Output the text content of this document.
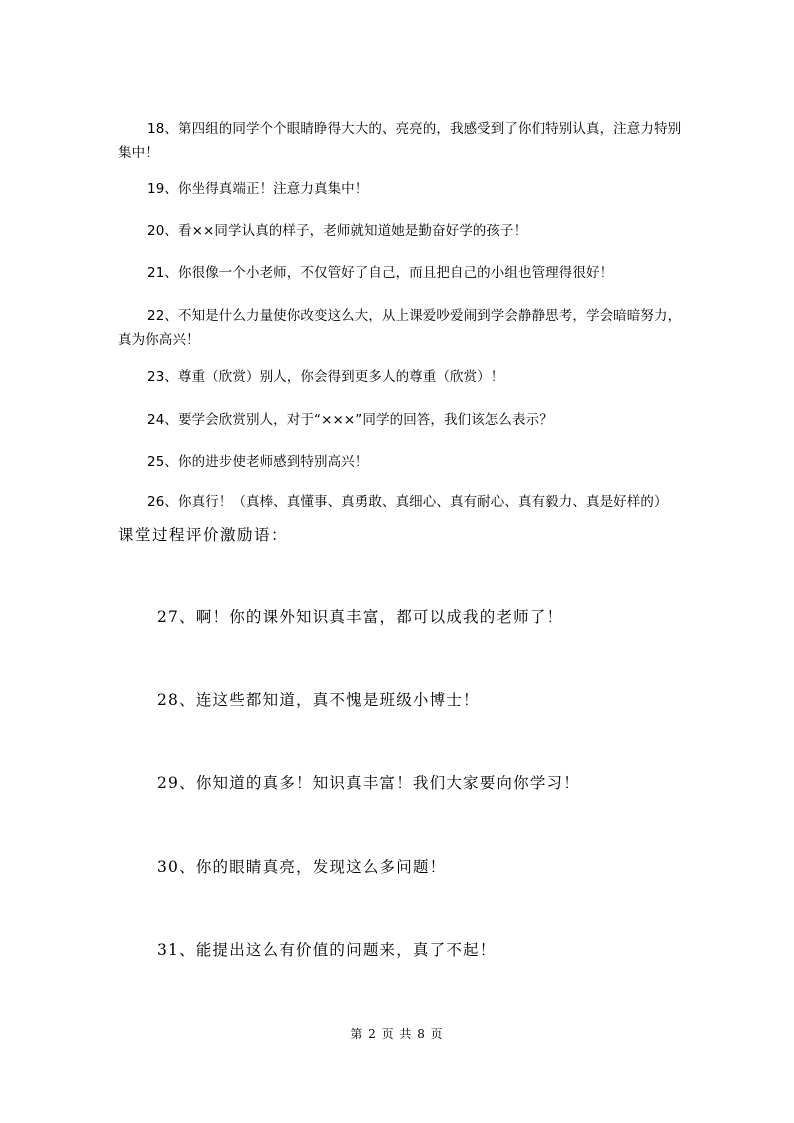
18、第四组的同学个个眼睛睁得大大的、亮亮的，我感受到了你们特别认真，注意力特别集中！

19、你坐得真端正！注意力真集中！

20、看××同学认真的样子，老师就知道她是勤奋好学的孩子！

21、你很像一个小老师，不仅管好了自己，而且把自己的小组也管理得很好！

22、不知是什么力量使你改变这么大，从上课爱吵爱闹到学会静静思考，学会暗暗努力，真为你高兴！

23、尊重（欣赏）别人，你会得到更多人的尊重（欣赏）！

24、要学会欣赏别人，对于“×××”同学的回答，我们该怎么表示？

25、你的进步使老师感到特别高兴！

26、你真行！（真棒、真懂事、真勇敢、真细心、真有耐心、真有毅力、真是好样的）

课堂过程评价激励语：

27、啊！你的课外知识真丰富，都可以成我的老师了！

28、连这些都知道，真不愧是班级小博士！

29、你知道的真多！知识真丰富！我们大家要向你学习！

30、你的眼睛真亮，发现这么多问题！

31、能提出这么有价值的问题来，真了不起！

第 2 页 共 8 页
